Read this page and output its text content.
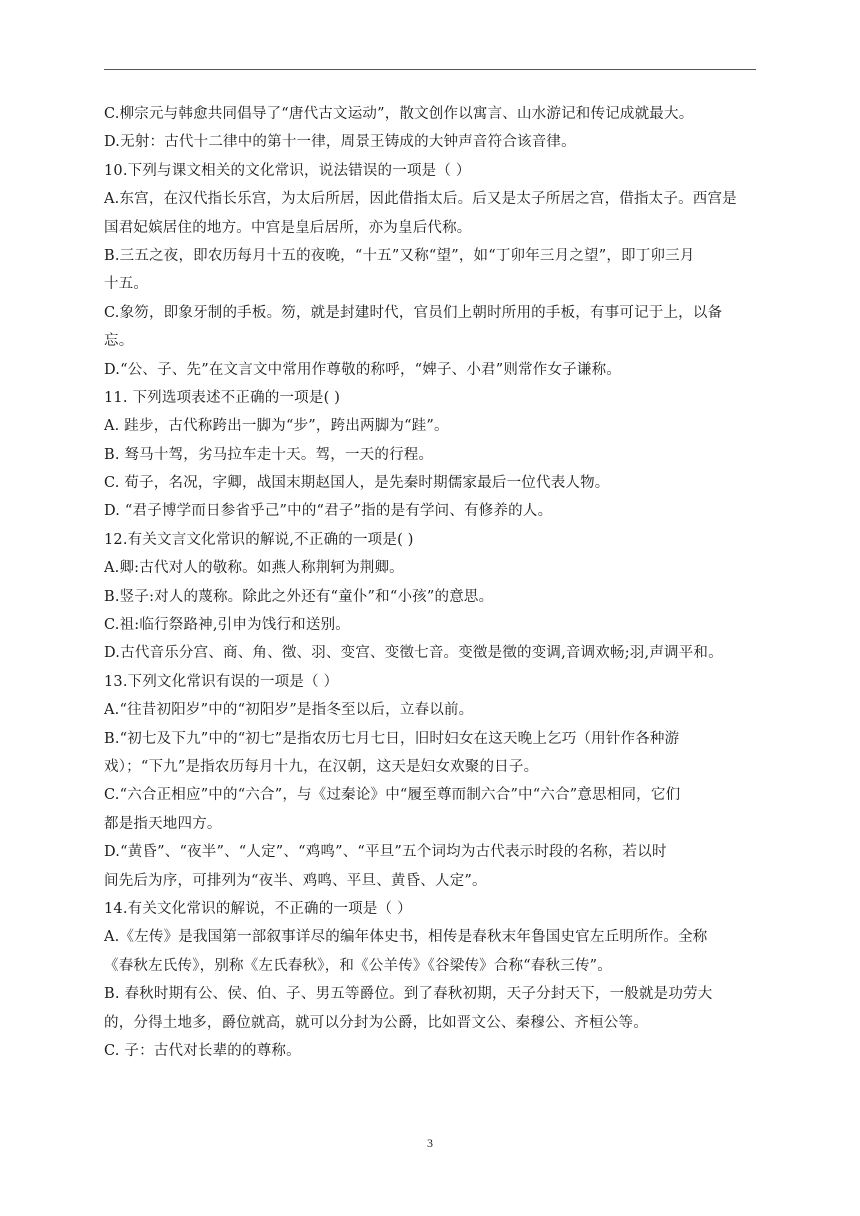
C.柳宗元与韩愈共同倡导了“唐代古文运动”，散文创作以寓言、山水游记和传记成就最大。
D.无射：古代十二律中的第十一律，周景王铸成的大钟声音符合该音律。
10.下列与课文相关的文化常识，说法错误的一项是（ ）
A.东宫，在汉代指长乐宫，为太后所居，因此借指太后。后又是太子所居之宫，借指太子。西宫是
国君妃嫔居住的地方。中宫是皇后居所，亦为皇后代称。
B.三五之夜，即农历每月十五的夜晚，“十五”又称“望”，如“丁卯年三月之望”，即丁卯三月
十五。
C.象笏，即象牙制的手板。笏，就是封建时代，官员们上朝时所用的手板，有事可记于上，以备
忘。
D.“公、子、先”在文言文中常用作尊敬的称呼，“婢子、小君”则常作女子谦称。
11. 下列选项表述不正确的一项是( )
A. 跬步，古代称跨出一脚为“步”，跨出两脚为“跬”。
B. 驽马十驾，劣马拉车走十天。驾，一天的行程。
C. 荀子，名况，字卿，战国末期赵国人，是先秦时期儒家最后一位代表人物。
D. “君子博学而日参省乎己”中的“君子”指的是有学问、有修养的人。
12.有关文言文化常识的解说,不正确的一项是( )
A.卿:古代对人的敬称。如燕人称荆轲为荆卿。
B.竖子:对人的蔑称。除此之外还有“童仆”和“小孩”的意思。
C.祖:临行祭路神,引申为饯行和送别。
D.古代音乐分宫、商、角、徵、羽、变宫、变徵七音。变徵是徵的变调,音调欢畅;羽,声调平和。
13.下列文化常识有误的一项是（ ）
A.“往昔初阳岁”中的“初阳岁”是指冬至以后，立春以前。
B.“初七及下九”中的“初七”是指农历七月七日，旧时妇女在这天晚上乞巧（用针作各种游
戏）；“下九”是指农历每月十九，在汉朝，这天是妇女欢聚的日子。
C.“六合正相应”中的“六合”，与《过秦论》中“履至尊而制六合”中“六合”意思相同，它们
都是指天地四方。
D.“黄昏”、“夜半”、“人定”、“鸡鸣”、“平旦”五个词均为古代表示时段的名称，若以时
间先后为序，可排列为“夜半、鸡鸣、平旦、黄昏、人定”。
14.有关文化常识的解说，不正确的一项是（ ）
A.《左传》是我国第一部叙事详尽的编年体史书，相传是春秋末年鲁国史官左丘明所作。全称
《春秋左氏传》，别称《左氏春秋》，和《公羊传》《谷梁传》合称“春秋三传”。
B. 春秋时期有公、侯、伯、子、男五等爵位。到了春秋初期，天子分封天下，一般就是功劳大
的，分得土地多，爵位就高，就可以分封为公爵，比如晋文公、秦穆公、齐桓公等。
C. 子：古代对长辈的的尊称。
3
